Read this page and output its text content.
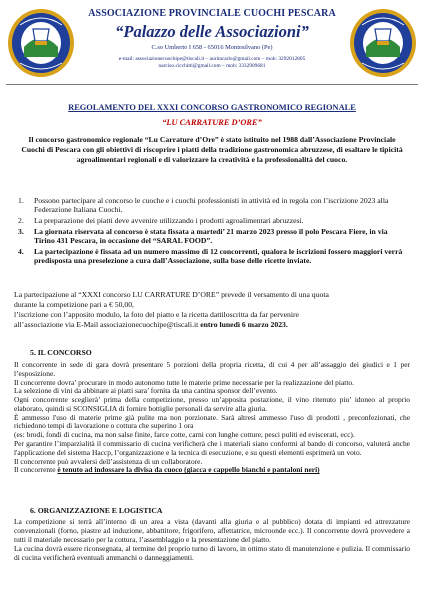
ASSOCIAZIONE PROVINCIALE CUOCHI PESCARA
“Palazzo delle Associazioni”
C.so Umberto I 658 - 65016 Montesilvano (Pe)
e-mail: associazionecuochipe@tiscali.it – auritacarlo@gmail.com – mob: 3292012805
narciso.cicchitti@gmail.com – mob: 3332909681
REGOLAMENTO DEL XXXI CONCORSO GASTRONOMICO REGIONALE
“LU CARRATURE D’ORE”
Il concorso gastronomico regionale “Lu Carrature d’Ore” è stato istituito nel 1988 dall’Associazione Provinciale Cuochi di Pescara con gli obiettivi di riscoprire i piatti della tradizione gastronomica abruzzese, di esaltare le tipicità agroalimentari regionali e di valorizzare la creatività e la professionalità del cuoco.
1.	Possono partecipare al concorso le cuoche e i cuochi professionisti in attività ed in regola con l’iscrizione 2023 alla Federazione Italiana Cuochi.
2.	La preparazione dei piatti deve avvenire utilizzando i prodotti agroalimentari abruzzesi.
3.	La giornata riservata al concorso è stata fissata a martedi’ 21 marzo 2023 presso il polo Pescara Fiere, in via Tirino 431 Pescara, in occasione del “SARAL FOOD”.
4.	La partecipazione è fissata ad un numero massimo di 12 concorrenti, qualora le iscrizioni fossero maggiori verrà predisposta una preselezione a cura dall’Associazione, sulla base delle ricette inviate.
La partecipazione al “XXXI concorso LU CARRATURE D’ORE” prevede il versamento di una quota
durante la competizione pari a € 50,00,
l’iscrizione con l’apposito modulo, la foto del piatto e la ricetta dattiloscritta da far pervenire
all’associazione via E-Mail associazionecuochipe@tiscali.it entro lunedì 6 marzo 2023.
5. IL CONCORSO

Il concorrente in sede di gara dovrà presentare 5 porzioni della propria ricetta, di cui 4 per all’assaggio dei giudici e 1 per l’esposizione.

Il concorrente dovra’ procurare in modo autonomo tutte le materie prime necessarie per la realizzazione del piatto.

La selezione di vini da abbinare ai piatti sara’ fornita da una cantina sponsor dell’evento.

Ogni concorrente sceglierà’ prima della competizione, presso un’apposita postazione, il vino ritenuto piu’ idoneo al proprio elaborato, quindi si SCONSIGLIA di fornire bottiglie personali da servire alla giuria.

È ammesso l'uso di materie prime già pulite ma non porzionate. Sarà altresì ammesso l'uso di prodotti , preconfezionati, che richiedono tempi di lavorazione o cottura che superino 1 ora

(es: brodi, fondi di cucina, ma non salse finite, farce cotte, carni con lunghe cotture, pesci puliti ed eviscerati, ecc).

Per garantire l’imparzialità il commissario di cucina verificherà che i materiali siano conformi al bando di concorso, valuterà anche l'applicazione del sistema Haccp, l’organizzazione e la tecnica di esecuzione, e su questi elementi esprimerà un voto.

Il concorrente può avvalersi dell’assistenza di un collaboratore.

Il concorrente è tenuto ad indossare la divisa da cuoco (giacca e cappello bianchi e pantaloni neri)

6. ORGANIZZAZIONE E LOGISTICA

La competizione si terrà all’interno di un area a vista (davanti alla giuria e al pubblico) dotata di impianti ed attrezzature convenzionali (forno, piastre ad induzione, abbattitore, frigorifero, affettatrice, microonde ecc.). Il concorrente dovrà provvedere a tutti il materiale necessario per la cottura, l’assemblaggio e la presentazione del piatto.

La cucina dovrà essere riconsegnata, al termine del proprio turno di lavoro, in ottimo stato di manutenzione e pulizia. Il commissario di cucina verificherà eventuali ammanchi o danneggiamenti.
